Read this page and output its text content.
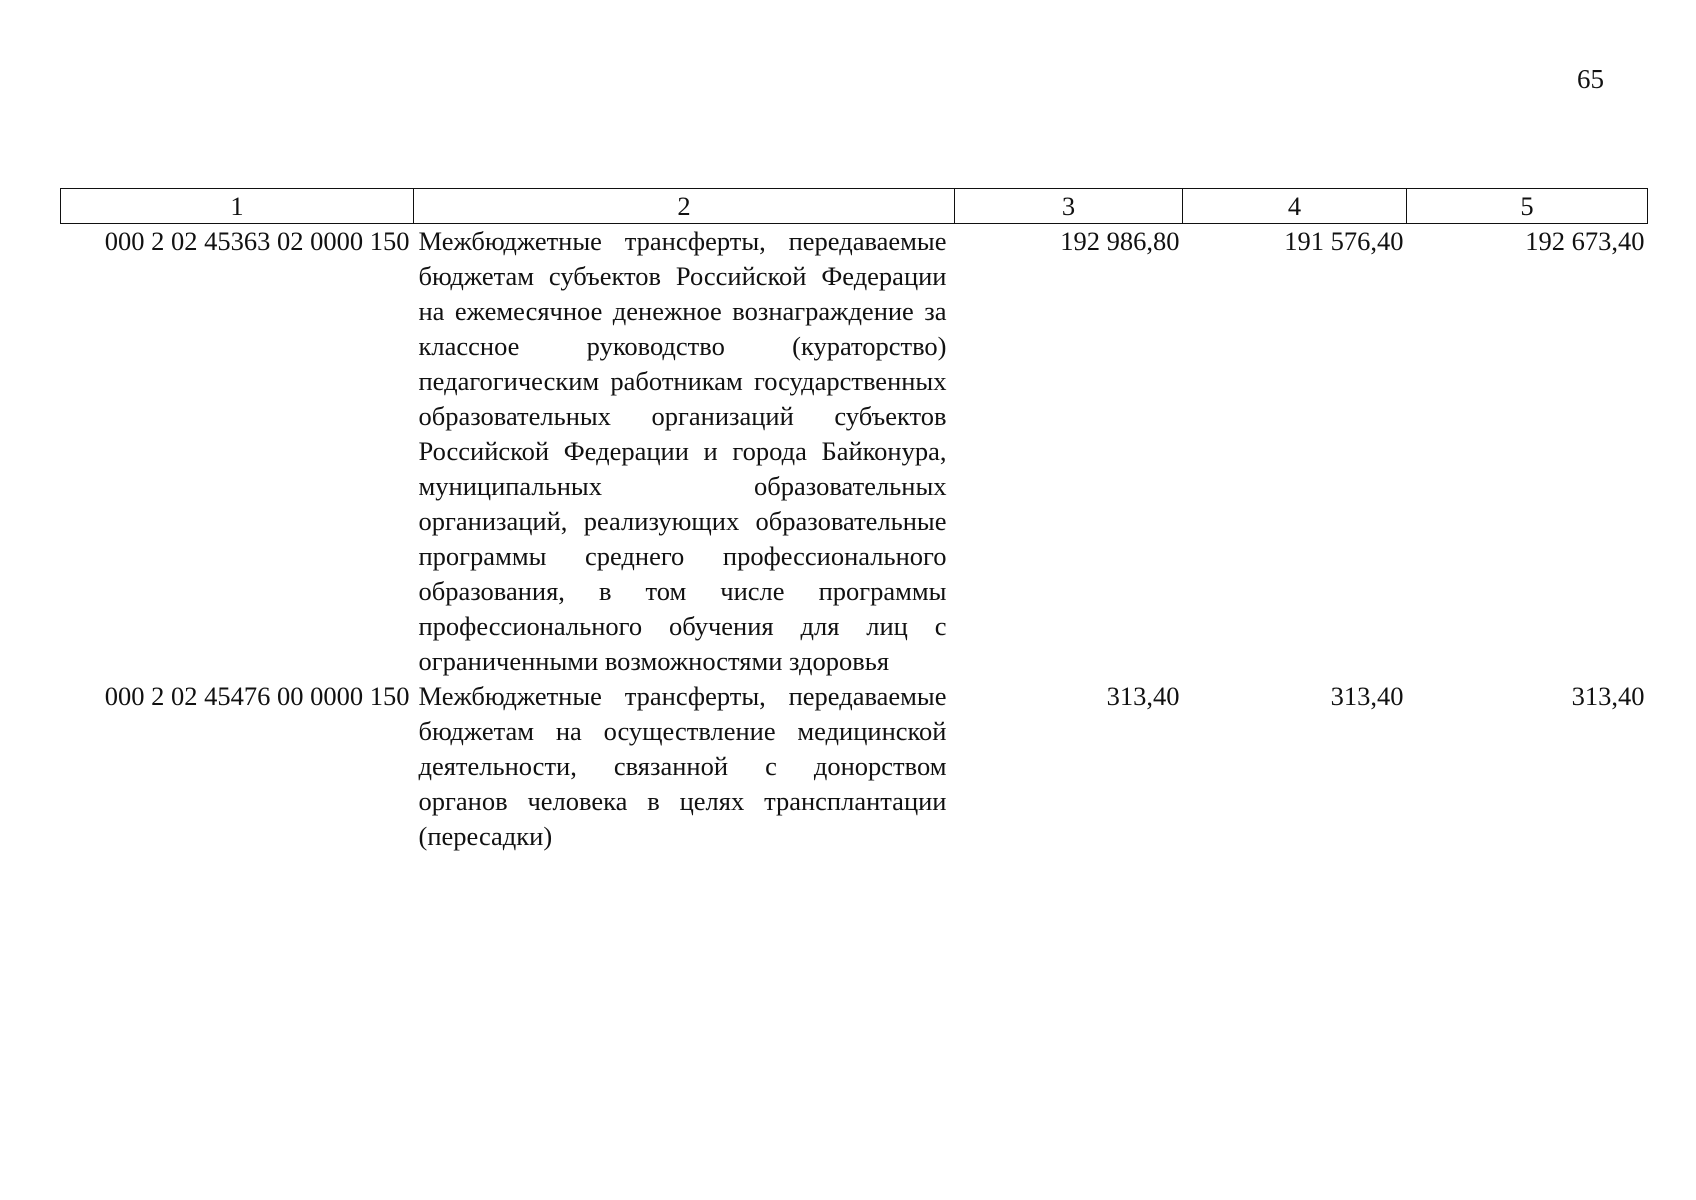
65
1	2	3	4	5
000 2 02 45363 02 0000 150	Межбюджетные трансферты, передаваемые бюджетам субъектов Российской Федерации на ежемесячное денежное вознаграждение за классное руководство (кураторство) педагогическим работникам государственных образовательных организаций субъектов Российской Федерации и города Байконура, муниципальных образовательных организаций, реализующих образовательные программы среднего профессионального образования, в том числе программы профессионального обучения для лиц с ограниченными возможностями здоровья	192 986,80	191 576,40	192 673,40
000 2 02 45476 00 0000 150	Межбюджетные трансферты, передаваемые бюджетам на осуществление медицинской деятельности, связанной с донорством органов человека в целях трансплантации (пересадки)	313,40	313,40	313,40
